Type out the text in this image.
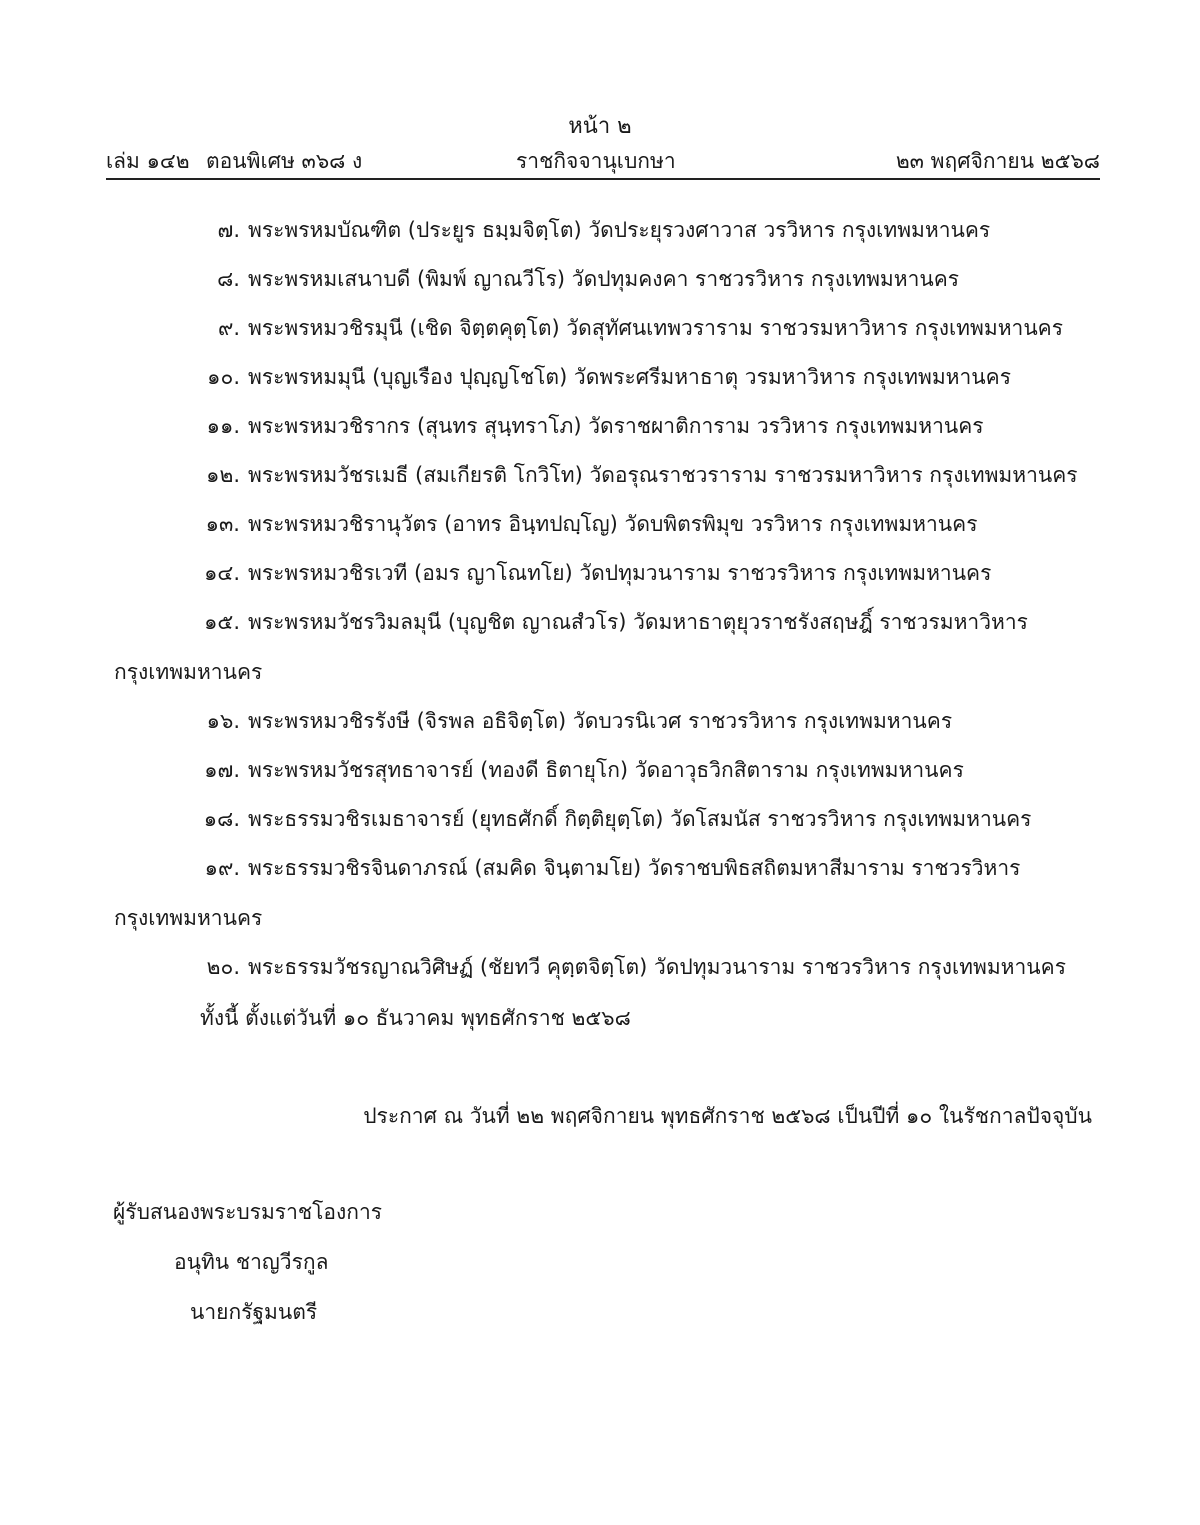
หน้า ๒
เล่ม ๑๔๒ ตอนพิเศษ ๓๖๘ ง	ราชกิจจานุเบกษา	๒๓ พฤศจิกายน ๒๕๖๘
๗. พระพรหมบัณฑิต (ประยูร ธมฺมจิตฺโต) วัดประยุรวงศาวาส วรวิหาร กรุงเทพมหานคร
๘. พระพรหมเสนาบดี (พิมพ์ ญาณวีโร) วัดปทุมคงคา ราชวรวิหาร กรุงเทพมหานคร
๙. พระพรหมวชิรมุนี (เชิด จิตฺตคุตฺโต) วัดสุทัศนเทพวราราม ราชวรมหาวิหาร กรุงเทพมหานคร
๑๐. พระพรหมมุนี (บุญเรือง ปุญฺญโชโต) วัดพระศรีมหาธาตุ วรมหาวิหาร กรุงเทพมหานคร
๑๑. พระพรหมวชิรากร (สุนทร สุนฺทราโภ) วัดราชผาติการาม วรวิหาร กรุงเทพมหานคร
๑๒. พระพรหมวัชรเมธี (สมเกียรติ โกวิโท) วัดอรุณราชวราราม ราชวรมหาวิหาร กรุงเทพมหานคร
๑๓. พระพรหมวชิรานุวัตร (อาทร อินฺทปญฺโญ) วัดบพิตรพิมุข วรวิหาร กรุงเทพมหานคร
๑๔. พระพรหมวชิรเวที (อมร ญาโณทโย) วัดปทุมวนาราม ราชวรวิหาร กรุงเทพมหานคร
๑๕. พระพรหมวัชรวิมลมุนี (บุญชิต ญาณสํวโร) วัดมหาธาตุยุวราชรังสฤษฎิ์ ราชวรมหาวิหาร
กรุงเทพมหานคร
๑๖. พระพรหมวชิรรังษี (จิรพล อธิจิตฺโต) วัดบวรนิเวศ ราชวรวิหาร กรุงเทพมหานคร
๑๗. พระพรหมวัชรสุทธาจารย์ (ทองดี ธิตายุโก) วัดอาวุธวิกสิตาราม กรุงเทพมหานคร
๑๘. พระธรรมวชิรเมธาจารย์ (ยุทธศักดิ์ กิตฺติยุตฺโต) วัดโสมนัส ราชวรวิหาร กรุงเทพมหานคร
๑๙. พระธรรมวชิรจินดาภรณ์ (สมคิด จินฺตามโย) วัดราชบพิธสถิตมหาสีมาราม ราชวรวิหาร
กรุงเทพมหานคร
๒๐. พระธรรมวัชรญาณวิศิษฏ์ (ชัยทวี คุตฺตจิตฺโต) วัดปทุมวนาราม ราชวรวิหาร กรุงเทพมหานคร
ทั้งนี้ ตั้งแต่วันที่ ๑๐ ธันวาคม พุทธศักราช ๒๕๖๘
ประกาศ ณ วันที่ ๒๒ พฤศจิกายน พุทธศักราช ๒๕๖๘ เป็นปีที่ ๑๐ ในรัชกาลปัจจุบัน
ผู้รับสนองพระบรมราชโองการ
อนุทิน ชาญวีรกูล
นายกรัฐมนตรี
